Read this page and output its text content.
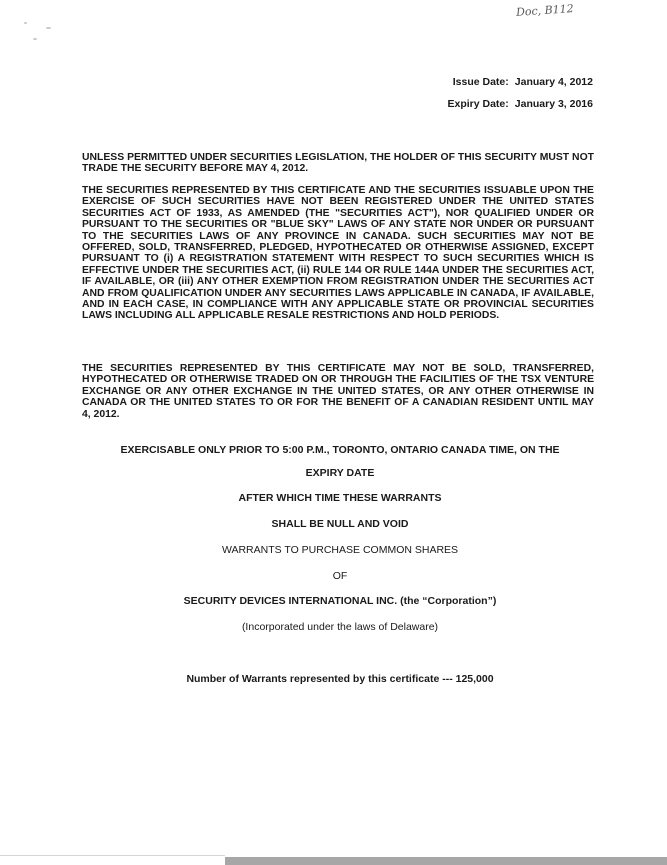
Doc, B112
Issue Date: January 4, 2012
Expiry Date: January 3, 2016
UNLESS PERMITTED UNDER SECURITIES LEGISLATION, THE HOLDER OF THIS SECURITY MUST NOT TRADE THE SECURITY BEFORE MAY 4, 2012.
THE SECURITIES REPRESENTED BY THIS CERTIFICATE AND THE SECURITIES ISSUABLE UPON THE EXERCISE OF SUCH SECURITIES HAVE NOT BEEN REGISTERED UNDER THE UNITED STATES SECURITIES ACT OF 1933, AS AMENDED (THE "SECURITIES ACT"), NOR QUALIFIED UNDER OR PURSUANT TO THE SECURITIES OR "BLUE SKY" LAWS OF ANY STATE NOR UNDER OR PURSUANT TO THE SECURITIES LAWS OF ANY PROVINCE IN CANADA. SUCH SECURITIES MAY NOT BE OFFERED, SOLD, TRANSFERRED, PLEDGED, HYPOTHECATED OR OTHERWISE ASSIGNED, EXCEPT PURSUANT TO (i) A REGISTRATION STATEMENT WITH RESPECT TO SUCH SECURITIES WHICH IS EFFECTIVE UNDER THE SECURITIES ACT, (ii) RULE 144 OR RULE 144A UNDER THE SECURITIES ACT, IF AVAILABLE, OR (iii) ANY OTHER EXEMPTION FROM REGISTRATION UNDER THE SECURITIES ACT AND FROM QUALIFICATION UNDER ANY SECURITIES LAWS APPLICABLE IN CANADA, IF AVAILABLE, AND IN EACH CASE, IN COMPLIANCE WITH ANY APPLICABLE STATE OR PROVINCIAL SECURITIES LAWS INCLUDING ALL APPLICABLE RESALE RESTRICTIONS AND HOLD PERIODS.
THE SECURITIES REPRESENTED BY THIS CERTIFICATE MAY NOT BE SOLD, TRANSFERRED, HYPOTHECATED OR OTHERWISE TRADED ON OR THROUGH THE FACILITIES OF THE TSX VENTURE EXCHANGE OR ANY OTHER EXCHANGE IN THE UNITED STATES, OR ANY OTHER OTHERWISE IN CANADA OR THE UNITED STATES TO OR FOR THE BENEFIT OF A CANADIAN RESIDENT UNTIL MAY 4, 2012.
EXERCISABLE ONLY PRIOR TO 5:00 P.M., TORONTO, ONTARIO CANADA TIME, ON THE
EXPIRY DATE
AFTER WHICH TIME THESE WARRANTS
SHALL BE NULL AND VOID
WARRANTS TO PURCHASE COMMON SHARES
OF
SECURITY DEVICES INTERNATIONAL INC. (the “Corporation”)
(Incorporated under the laws of Delaware)
Number of Warrants represented by this certificate --- 125,000
